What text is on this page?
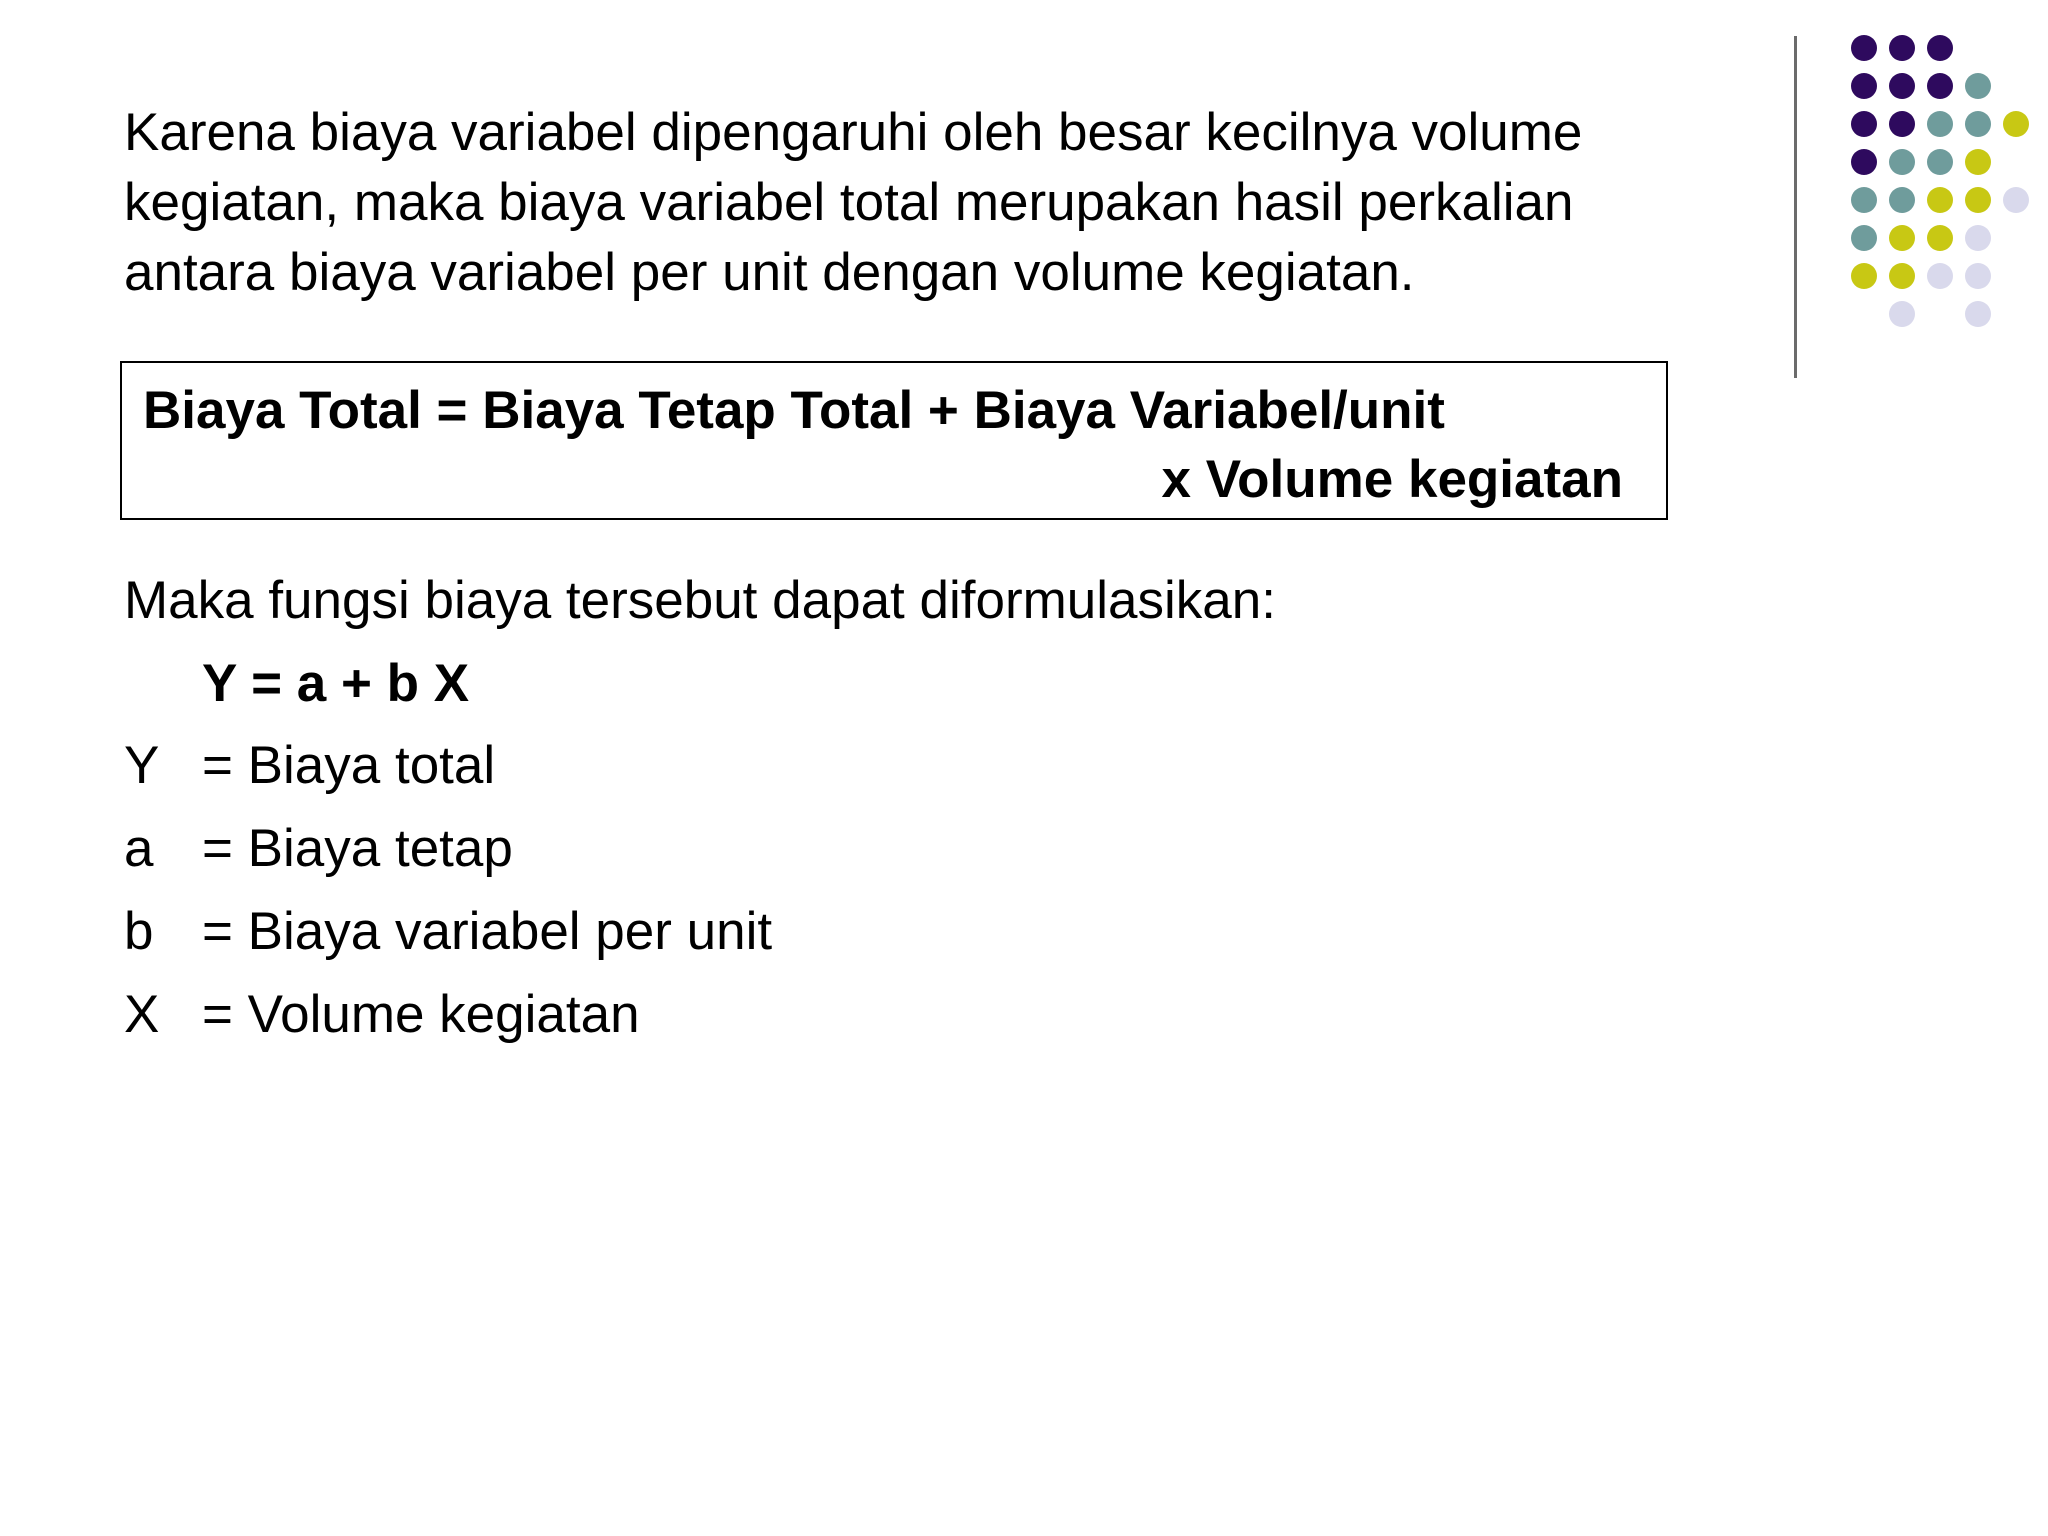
Karena biaya variabel dipengaruhi oleh besar kecilnya volume
kegiatan, maka biaya variabel total merupakan hasil perkalian
antara biaya variabel per unit dengan volume kegiatan.

Biaya Total = Biaya Tetap Total + Biaya Variabel/unit
x Volume kegiatan
Maka fungsi biaya tersebut dapat diformulasikan:
Y = a + b X
Y = Biaya total
a = Biaya tetap
b = Biaya variabel per unit
X = Volume kegiatan
